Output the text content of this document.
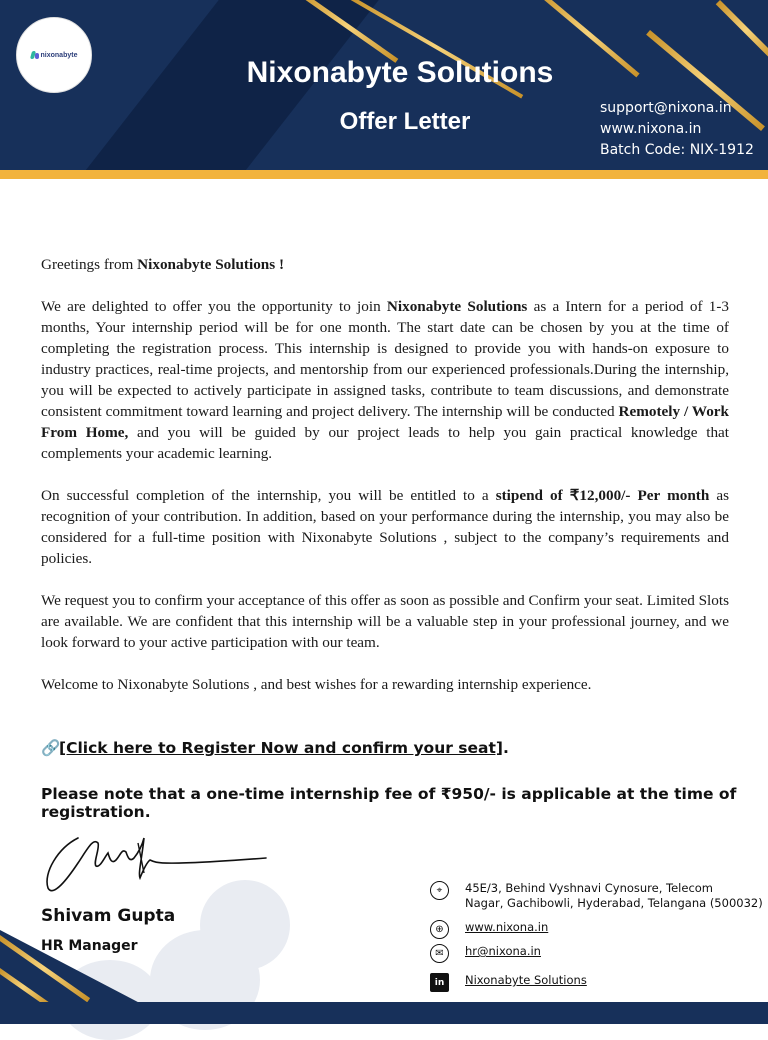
nixonabyte
Nixonabyte Solutions
Offer Letter	support@nixona.in
www.nixona.in
Batch Code: NIX-1912

Greetings from Nixonabyte Solutions !

We are delighted to offer you the opportunity to join Nixonabyte Solutions as a Intern for a period of 1-3 months, Your internship period will be for one month. The start date can be chosen by you at the time of completing the registration process. This internship is designed to provide you with hands-on exposure to industry practices, real-time projects, and mentorship from our experienced professionals.During the internship, you will be expected to actively participate in assigned tasks, contribute to team discussions, and demonstrate consistent commitment toward learning and project delivery. The internship will be conducted Remotely / Work From Home, and you will be guided by our project leads to help you gain practical knowledge that complements your academic learning.

On successful completion of the internship, you will be entitled to a stipend of ₹12,000/- Per month as recognition of your contribution. In addition, based on your performance during the internship, you may also be considered for a full-time position with Nixonabyte Solutions , subject to the company’s requirements and policies.

We request you to confirm your acceptance of this offer as soon as possible and Confirm your seat. Limited Slots are available. We are confident that this internship will be a valuable step in your professional journey, and we look forward to your active participation with our team.

Welcome to Nixonabyte Solutions , and best wishes for a rewarding internship experience.

🔗[Click here to Register Now and confirm your seat].
Please note that a one-time internship fee of ₹950/- is applicable at the time of registration.
Shivam Gupta
HR Manager
⌖	45E/3, Behind Vyshnavi Cynosure, Telecom
Nagar, Gachibowli, Hyderabad, Telangana (500032)
⊕	www.nixona.in
✉	hr@nixona.in
in	Nixonabyte Solutions
